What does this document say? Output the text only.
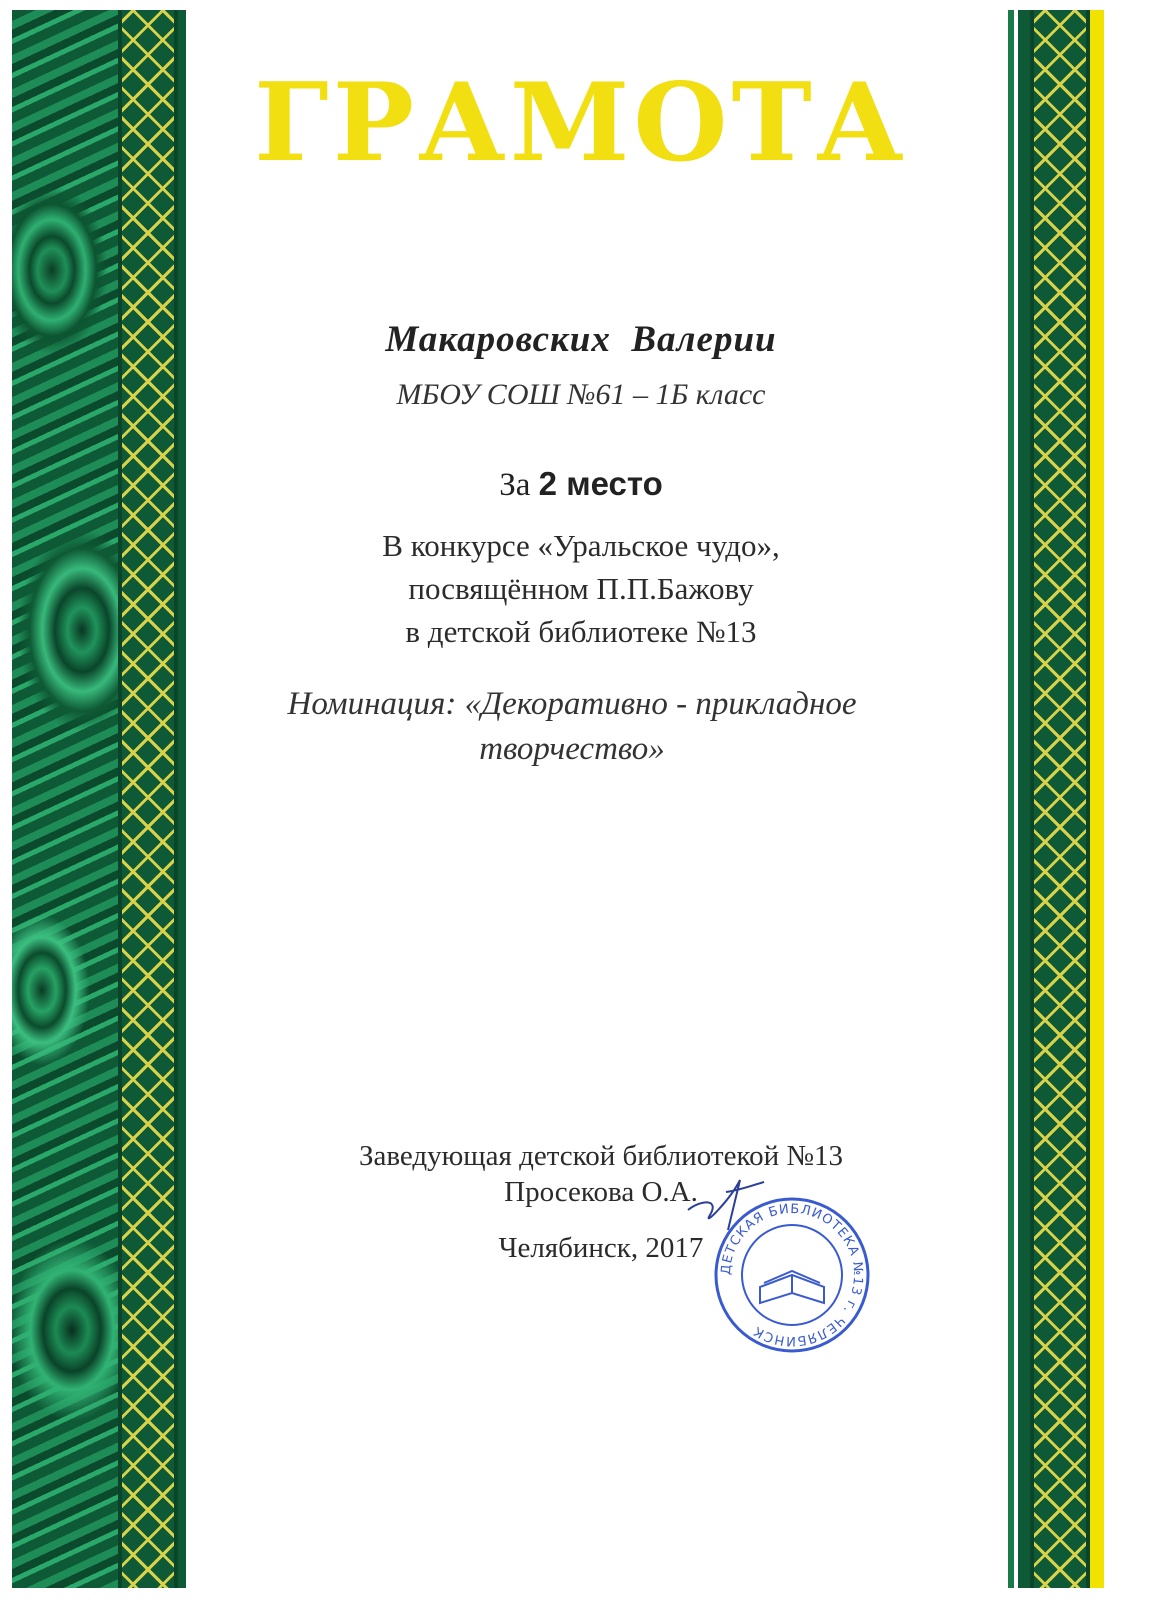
ГРАМОТА

Макаровских  Валерии

МБОУ СОШ №61 – 1Б класс

За 2 место

В конкурсе «Уральское чудо»,
посвящённом П.П.Бажову
в детской библиотеке №13
Номинация: «Декоративно - прикладное
творчество»
Заведующая детской библиотекой №13
Просекова О.А.

Челябинск, 2017

ДЕТСКАЯ БИБЛИОТЕКА №13 г. ЧЕЛЯБИНСК
